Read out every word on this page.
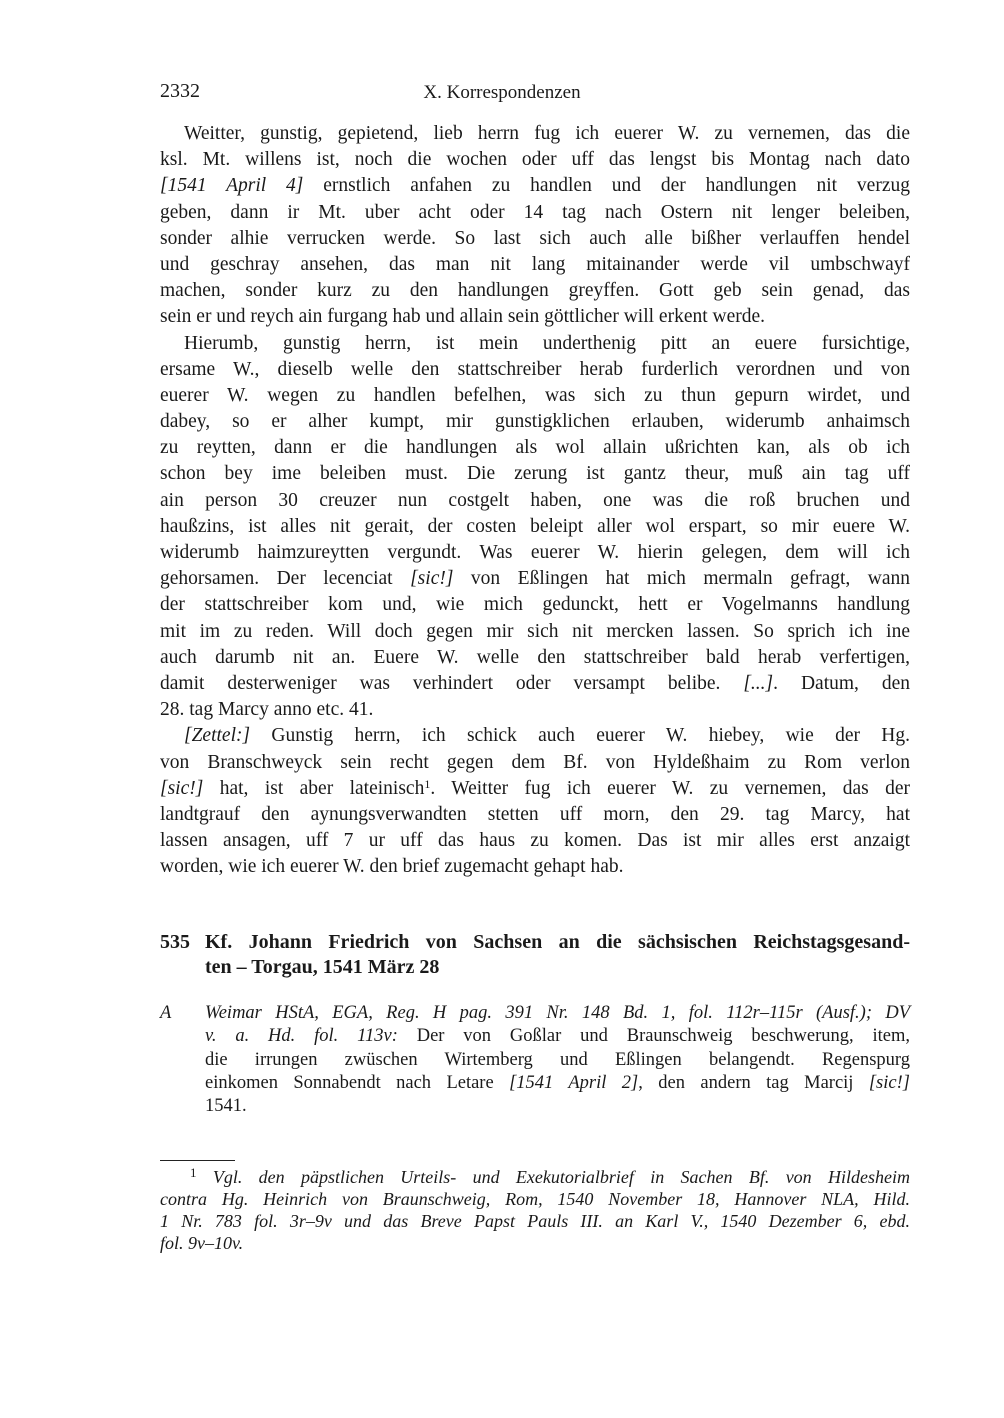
2332	X. Korrespondenzen
Weitter, gunstig, gepietend, lieb herrn fug ich euerer W. zu vernemen, das die
ksl. Mt. willens ist, noch die wochen oder uff das lengst bis Montag nach dato
[1541 April 4] ernstlich anfahen zu handlen und der handlungen nit verzug
geben, dann ir Mt. uber acht oder 14 tag nach Ostern nit lenger beleiben,
sonder alhie verrucken werde. So last sich auch alle bißher verlauffen hendel
und geschray ansehen, das man nit lang mitainander werde vil umbschwayf
machen, sonder kurz zu den handlungen greyffen. Gott geb sein genad, das
sein er und reych ain furgang hab und allain sein göttlicher will erkent werde.
Hierumb, gunstig herrn, ist mein underthenig pitt an euere fursichtige,
ersame W., dieselb welle den stattschreiber herab furderlich verordnen und von
euerer W. wegen zu handlen befelhen, was sich zu thun gepurn wirdet, und
dabey, so er alher kumpt, mir gunstigklichen erlauben, widerumb anhaimsch
zu reytten, dann er die handlungen als wol allain ußrichten kan, als ob ich
schon bey ime beleiben must. Die zerung ist gantz theur, muß ain tag uff
ain person 30 creuzer nun costgelt haben, one was die roß bruchen und
haußzins, ist alles nit gerait, der costen beleipt aller wol erspart, so mir euere W.
widerumb haimzureytten vergundt. Was euerer W. hierin gelegen, dem will ich
gehorsamen. Der lecenciat [sic!] von Eßlingen hat mich mermaln gefragt, wann
der stattschreiber kom und, wie mich gedunckt, hett er Vogelmanns handlung
mit im zu reden. Will doch gegen mir sich nit mercken lassen. So sprich ich ine
auch darumb nit an. Euere W. welle den stattschreiber bald herab verfertigen,
damit desterweniger was verhindert oder versampt belibe. [...]. Datum, den
28. tag Marcy anno etc. 41.
[Zettel:] Gunstig herrn, ich schick auch euerer W. hiebey, wie der Hg.
von Branschweyck sein recht gegen dem Bf. von Hyldeßhaim zu Rom verlon
[sic!] hat, ist aber lateinisch$^1$. Weitter fug ich euerer W. zu vernemen, das der
landtgrauf den aynungsverwandten stetten uff morn, den 29. tag Marcy, hat
lassen ansagen, uff 7 ur uff das haus zu komen. Das ist mir alles erst anzaigt
worden, wie ich euerer W. den brief zugemacht gehapt hab.
535 Kf. Johann Friedrich von Sachsen an die sächsischen Reichstagsgesand-
ten – Torgau, 1541 März 28
A Weimar HStA, EGA, Reg. H pag. 391 Nr. 148 Bd. 1, fol. 112r–115r (Ausf.); DV
v. a. Hd. fol. 113v: Der von Goßlar und Braunschweig beschwerung, item,
die irrungen zwüschen Wirtemberg und Eßlingen belangendt. Regenspurg
einkomen Sonnabendt nach Letare [1541 April 2], den andern tag Marcij [sic!]
1541.
$^1$ Vgl. den päpstlichen Urteils- und Exekutorialbrief in Sachen Bf. von Hildesheim
contra Hg. Heinrich von Braunschweig, Rom, 1540 November 18, Hannover NLA, Hild.
1 Nr. 783 fol. 3r–9v und das Breve Papst Pauls III. an Karl V., 1540 Dezember 6, ebd.
fol. 9v–10v.
